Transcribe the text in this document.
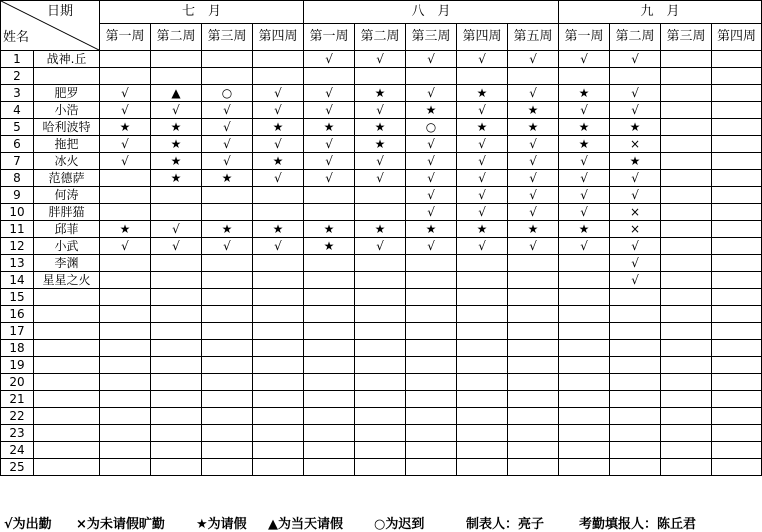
日期
姓名		七　月				八　月					九　月			
		第一周	第二周	第三周	第四周	第一周	第二周	第三周	第四周	第五周	第一周	第二周	第三周	第四周
1	战神.丘					√	√	√	√	√	√	√		
2														
3	肥罗	√	▲	○	√	√	★	√	★	√	★	√		
4	小浩	√	√	√	√	√	√	★	√	★	√	√		
5	哈利波特	★	★	√	★	★	★	○	★	★	★	★		
6	拖把	√	★	√	√	√	★	√	√	√	★	×		
7	冰火	√	★	√	★	√	√	√	√	√	√	★		
8	范德萨		★	★	√	√	√	√	√	√	√	√		
9	何涛							√	√	√	√	√		
10	胖胖猫							√	√	√	√	×		
11	邱菲	★	√	★	★	★	★	★	★	★	★	×		
12	小武	√	√	√	√	★	√	√	√	√	√	√		
13	李渊											√		
14	星星之火											√		
15														
16														
17														
18														
19														
20														
21														
22														
23														
24														
25														
√为出勤 ×为未请假旷勤 ★为请假 ▲为当天请假 ○为迟到	制表人：亮子	考勤填报人：陈丘君
